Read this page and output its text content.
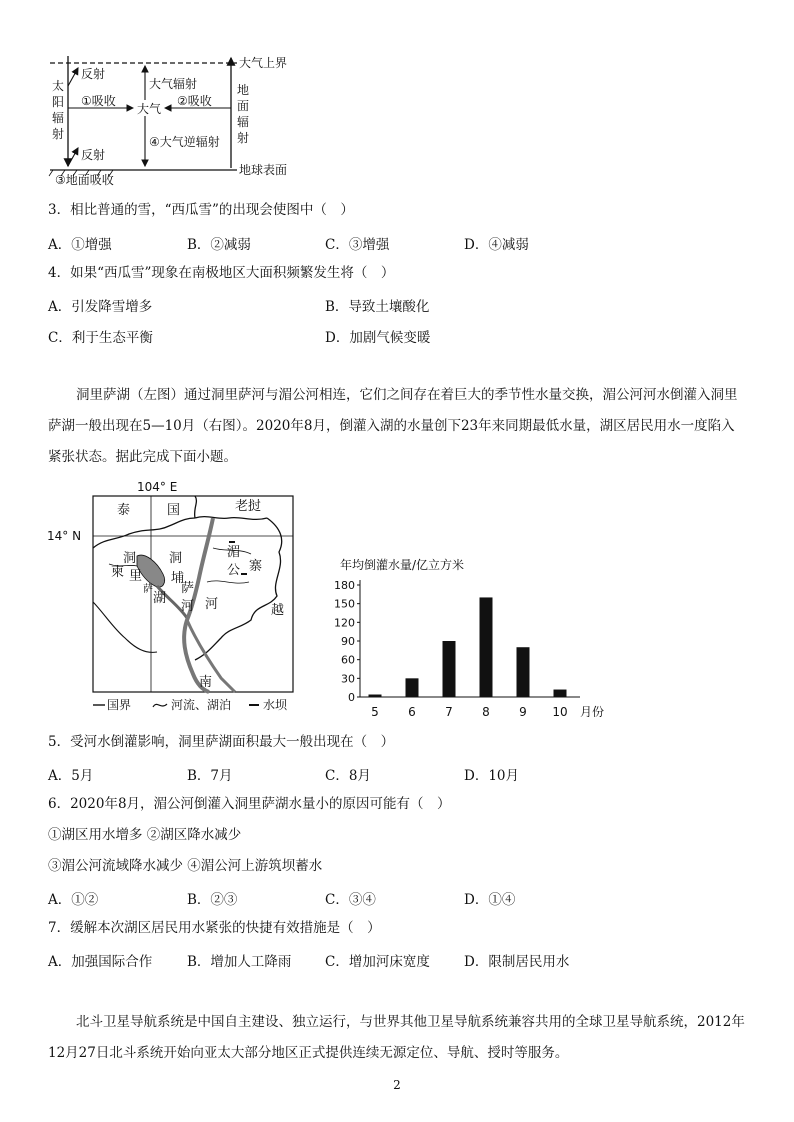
大气上界
地球表面
太
阳
辐
射
反射
反射
③地面吸收
①吸收
大气
大气辐射
④大气逆辐射
②吸收
地
面
辐
射
3．相比普通的雪，“西瓜雪”的出现会使图中（　）
A．①增强	B．②减弱	C．③增强	D．④减弱
4．如果“西瓜雪”现象在南极地区大面积频繁发生将（　）
A．引发降雪增多	B．导致土壤酸化
C．利于生态平衡	D．加剧气候变暖
洞里萨湖（左图）通过洞里萨河与湄公河相连，它们之间存在着巨大的季节性水量交换，湄公河河水倒灌入洞里萨湖一般出现在5—10月（右图）。2020年8月，倒灌入湖的水量创下23年来同期最低水量，湖区居民用水一度陷入紧张状态。据此完成下面小题。
104° E
14° N
泰	国	老挝
柬	寨
洞
里
萨
湖
洞
埔
萨
河
湄
公
河	越
南
国界	河流、湖泊	水坝
年均倒灌水量/亿立方米
月份
0
30
60
90
120
150
180
5 6 7 8 9 10
5．受河水倒灌影响，洞里萨湖面积最大一般出现在（　）
A．5月	B．7月	C．8月	D．10月
6．2020年8月，湄公河倒灌入洞里萨湖水量小的原因可能有（　）
①湖区用水增多 ②湖区降水减少
③湄公河流域降水减少 ④湄公河上游筑坝蓄水
A．①②	B．②③	C．③④	D．①④
7．缓解本次湖区居民用水紧张的快捷有效措施是（　）
A．加强国际合作	B．增加人工降雨 C．增加河床宽度	D．限制居民用水
北斗卫星导航系统是中国自主建设、独立运行，与世界其他卫星导航系统兼容共用的全球卫星导航系统，2012年12月27日北斗系统开始向亚太大部分地区正式提供连续无源定位、导航、授时等服务。
2
